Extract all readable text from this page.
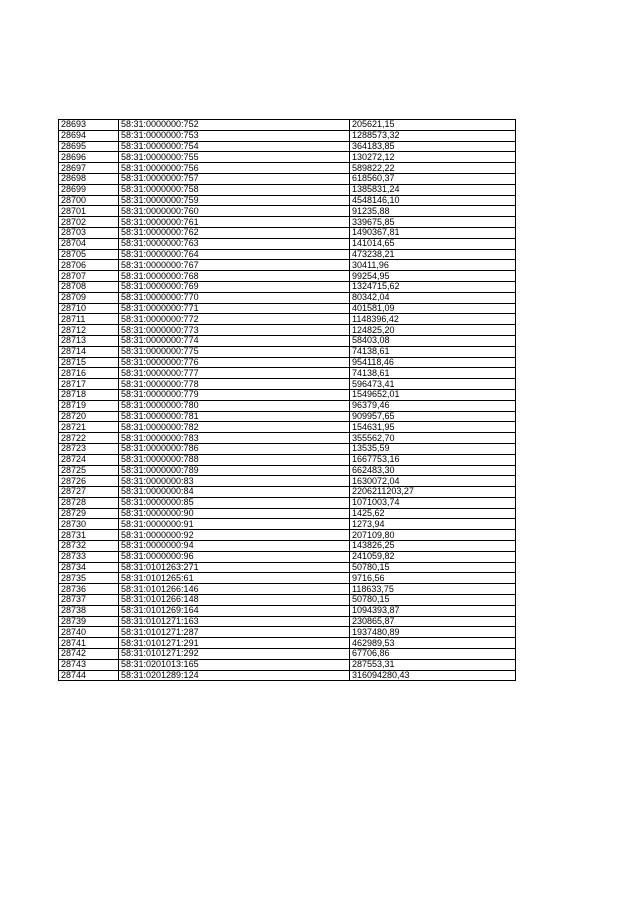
28693	58:31:0000000:752	205621,15
28694	58:31:0000000:753	1288573,32
28695	58:31:0000000:754	364183,85
28696	58:31:0000000:755	130272,12
28697	58:31:0000000:756	589822,22
28698	58:31:0000000:757	618560,37
28699	58:31:0000000:758	1385831,24
28700	58:31:0000000:759	4548146,10
28701	58:31:0000000:760	91235,88
28702	58:31:0000000:761	339675,85
28703	58:31:0000000:762	1490367,81
28704	58:31:0000000:763	141014,65
28705	58:31:0000000:764	473238,21
28706	58:31:0000000:767	30411,96
28707	58:31:0000000:768	99254,95
28708	58:31:0000000:769	1324715,62
28709	58:31:0000000:770	80342,04
28710	58:31:0000000:771	401581,09
28711	58:31:0000000:772	1148396,42
28712	58:31:0000000:773	124825,20
28713	58:31:0000000:774	58403,08
28714	58:31:0000000:775	74138,61
28715	58:31:0000000:776	954118,46
28716	58:31:0000000:777	74138,61
28717	58:31:0000000:778	596473,41
28718	58:31:0000000:779	1549652,01
28719	58:31:0000000:780	96379,46
28720	58:31:0000000:781	909957,65
28721	58:31:0000000:782	154631,95
28722	58:31:0000000:783	355562,70
28723	58:31:0000000:786	13535,59
28724	58:31:0000000:788	1667753,16
28725	58:31:0000000:789	662483,30
28726	58:31:0000000:83	1630072,04
28727	58:31:0000000:84	2206211203,27
28728	58:31:0000000:85	1071003,74
28729	58:31:0000000:90	1425,62
28730	58:31:0000000:91	1273,94
28731	58:31:0000000:92	207109,80
28732	58:31:0000000:94	143826,25
28733	58:31:0000000:96	241059,82
28734	58:31:0101263:271	50780,15
28735	58:31:0101265:61	9716,56
28736	58:31:0101266:146	118633,75
28737	58:31:0101266:148	50780,15
28738	58:31:0101269:164	1094393,87
28739	58:31:0101271:163	230865,87
28740	58:31:0101271:287	1937480,89
28741	58:31:0101271:291	462989,53
28742	58:31:0101271:292	67706,86
28743	58:31:0201013:165	287553,31
28744	58:31:0201289:124	316094280,43
